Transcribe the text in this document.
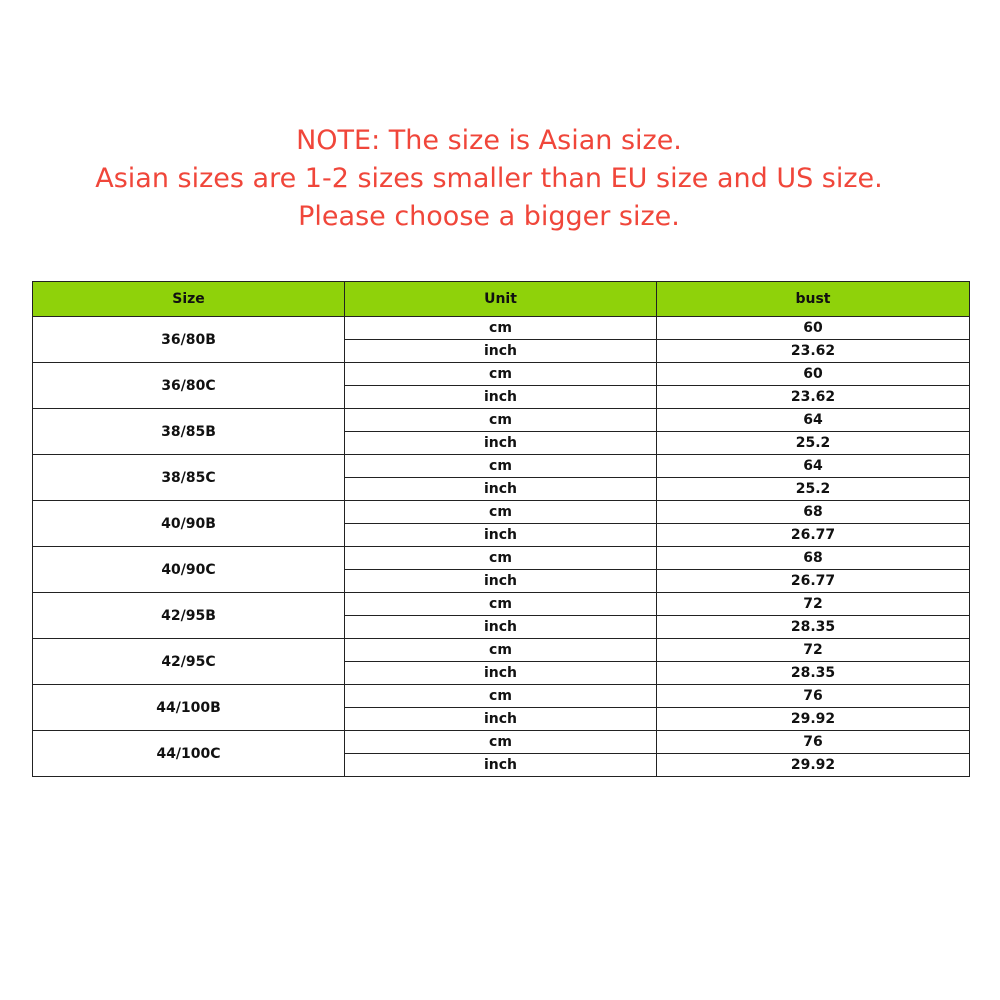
NOTE: The size is Asian size.
Asian sizes are 1-2 sizes smaller than EU size and US size.
Please choose a bigger size.
Size	Unit	bust
36/80B	cm	60
	inch	23.62
36/80C	cm	60
	inch	23.62
38/85B	cm	64
	inch	25.2
38/85C	cm	64
	inch	25.2
40/90B	cm	68
	inch	26.77
40/90C	cm	68
	inch	26.77
42/95B	cm	72
	inch	28.35
42/95C	cm	72
	inch	28.35
44/100B	cm	76
	inch	29.92
44/100C	cm	76
	inch	29.92
